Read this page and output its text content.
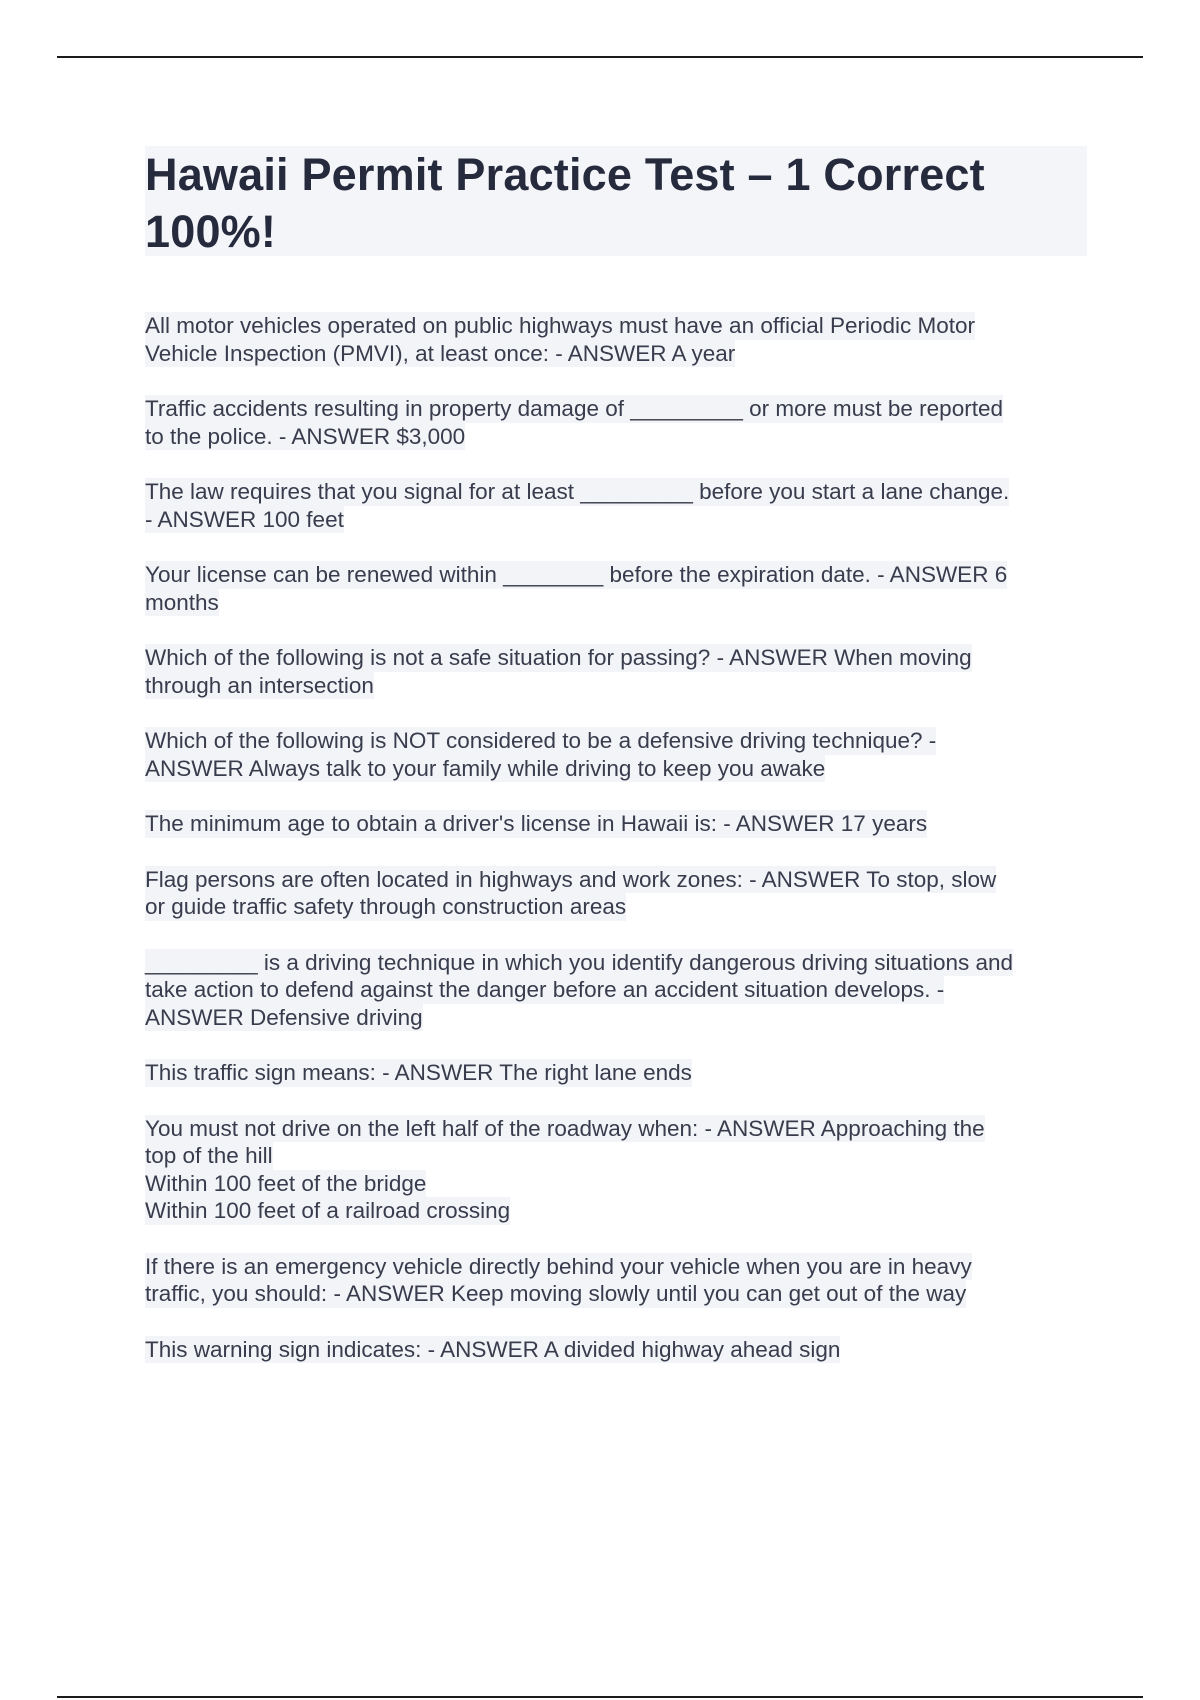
Hawaii Permit Practice Test – 1 Correct
100%!

All motor vehicles operated on public highways must have an official Periodic Motor
Vehicle Inspection (PMVI), at least once: - ANSWER A year

Traffic accidents resulting in property damage of _________ or more must be reported
to the police. - ANSWER $3,000

The law requires that you signal for at least _________ before you start a lane change.
- ANSWER 100 feet

Your license can be renewed within ________ before the expiration date. - ANSWER 6
months

Which of the following is not a safe situation for passing? - ANSWER When moving
through an intersection

Which of the following is NOT considered to be a defensive driving technique? -
ANSWER Always talk to your family while driving to keep you awake

The minimum age to obtain a driver's license in Hawaii is: - ANSWER 17 years

Flag persons are often located in highways and work zones: - ANSWER To stop, slow
or guide traffic safety through construction areas

_________ is a driving technique in which you identify dangerous driving situations and
take action to defend against the danger before an accident situation develops. -
ANSWER Defensive driving

This traffic sign means: - ANSWER The right lane ends

You must not drive on the left half of the roadway when: - ANSWER Approaching the
top of the hill
Within 100 feet of the bridge
Within 100 feet of a railroad crossing

If there is an emergency vehicle directly behind your vehicle when you are in heavy
traffic, you should: - ANSWER Keep moving slowly until you can get out of the way

This warning sign indicates: - ANSWER A divided highway ahead sign
